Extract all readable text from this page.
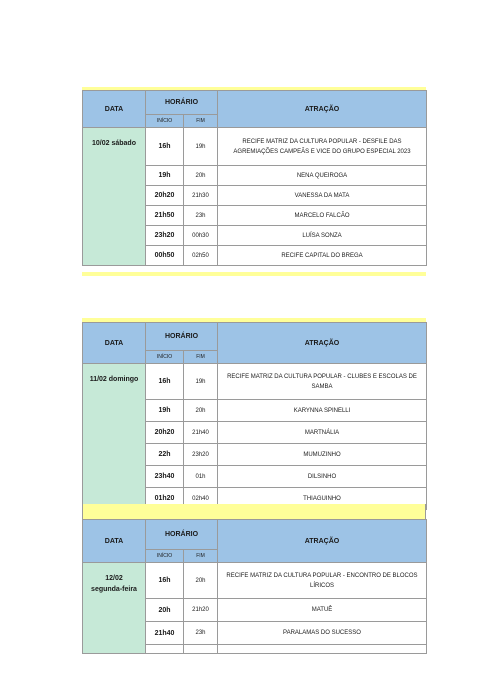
DATA	HORÁRIO		ATRAÇÃO
	INÍCIO	FIM	
10/02 sábado	16h	19h	RECIFE MATRIZ DA CULTURA POPULAR - DESFILE DAS AGREMIAÇÕES CAMPEÃS E VICE DO GRUPO ESPECIAL 2023
	19h	20h	NENA QUEIROGA
	20h20	21h30	VANESSA DA MATA
	21h50	23h	MARCELO FALCÃO
	23h20	00h30	LUÍSA SONZA
	00h50	02h50	RECIFE CAPITAL DO BREGA
DATA	HORÁRIO		ATRAÇÃO
	INÍCIO	FIM	
11/02 domingo	16h	19h	RECIFE MATRIZ DA CULTURA POPULAR - CLUBES E ESCOLAS DE SAMBA
	19h	20h	KARYNNA SPINELLI
	20h20	21h40	MARTNÁLIA
	22h	23h20	MUMUZINHO
	23h40	01h	DILSINHO
	01h20	02h40	THIAGUINHO
DATA	HORÁRIO		ATRAÇÃO
	INÍCIO	FIM	
12/02 segunda-feira	16h	20h	RECIFE MATRIZ DA CULTURA POPULAR - ENCONTRO DE BLOCOS LÍRICOS
	20h	21h20	MATUÊ
	21h40	23h	PARALAMAS DO SUCESSO
